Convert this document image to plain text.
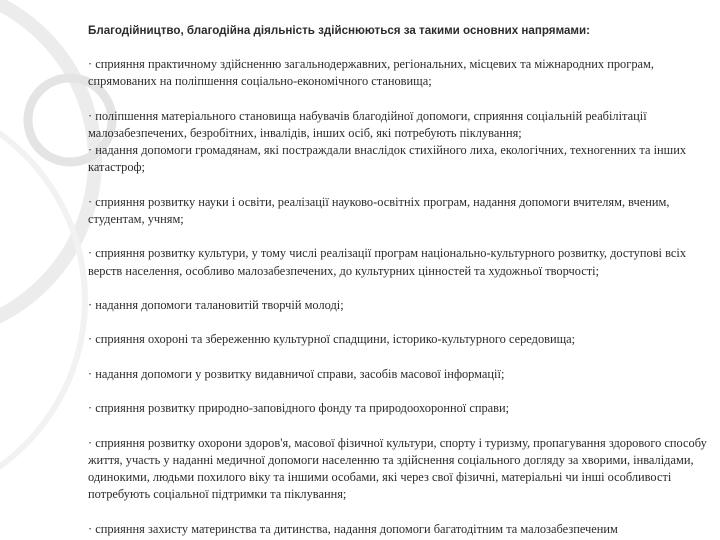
Благодійництво, благодійна діяльність здійснюються за такими основних напрямами:

· сприяння практичному здійсненню загальнодержавних, регіональних, місцевих та міжнародних програм, спрямованих на поліпшення соціально-економічного становища;

· поліпшення матеріального становища набувачів благодійної допомоги, сприяння соціальній реабілітації малозабезпечених, безробітних, інвалідів, інших осіб, які потребують піклування;

· надання допомоги громадянам, які постраждали внаслідок стихійного лиха, екологічних, техногенних та інших катастроф;

· сприяння розвитку науки і освіти, реалізації науково-освітніх програм, надання допомоги вчителям, вченим, студентам, учням;

· сприяння розвитку культури, у тому числі реалізації програм національно-культурного розвитку, доступові всіх верств населення, особливо малозабезпечених, до культурних цінностей та художньої творчості;

· надання допомоги талановитій творчій молоді;

· сприяння охороні та збереженню культурної спадщини, історико-культурного середовища;

· надання допомоги у розвитку видавничої справи, засобів масової інформації;

· сприяння розвитку природно-заповідного фонду та природоохоронної справи;

· сприяння розвитку охорони здоров'я, масової фізичної культури, спорту і туризму, пропагування здорового способу життя, участь у наданні медичної допомоги населенню та здійснення соціального догляду за хворими, інвалідами, одинокими, людьми похилого віку та іншими особами, які через свої фізичні, матеріальні чи інші особливості потребують соціальної підтримки та піклування;

· сприяння захисту материнства та дитинства, надання допомоги багатодітним та малозабезпеченим
